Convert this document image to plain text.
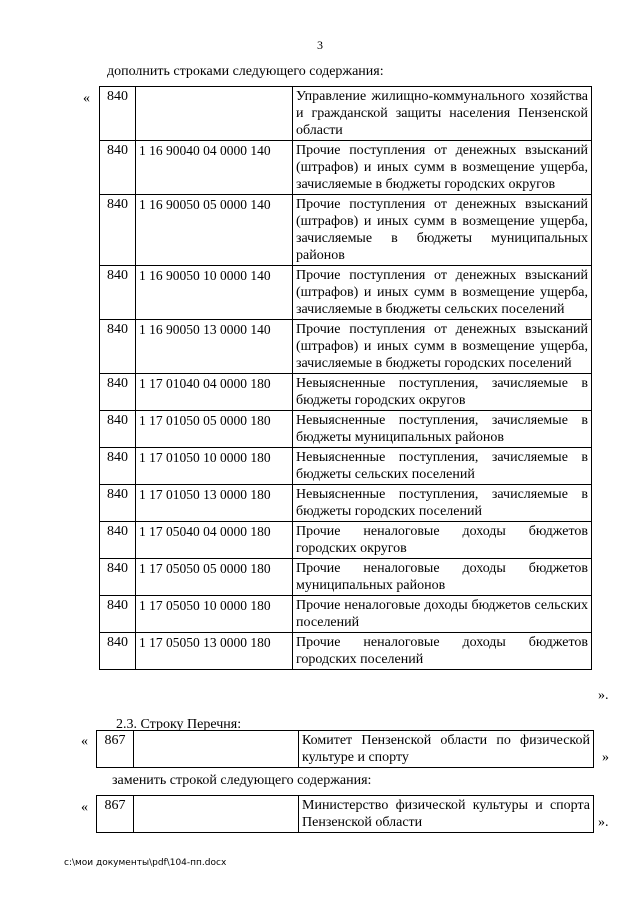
3
дополнить строками следующего содержания:
« 840		Управление жилищно-коммунального хозяйства и гражданской защиты населения Пензенской области
840	1 16 90040 04 0000 140	Прочие поступления от денежных взысканий (штрафов) и иных сумм в возмещение ущерба, зачисляемые в бюджеты городских округов
840	1 16 90050 05 0000 140	Прочие поступления от денежных взысканий (штрафов) и иных сумм в возмещение ущерба, зачисляемые в бюджеты муниципальных районов
840	1 16 90050 10 0000 140	Прочие поступления от денежных взысканий (штрафов) и иных сумм в возмещение ущерба, зачисляемые в бюджеты сельских поселений
840	1 16 90050 13 0000 140	Прочие поступления от денежных взысканий (штрафов) и иных сумм в возмещение ущерба, зачисляемые в бюджеты городских поселений
840	1 17 01040 04 0000 180	Невыясненные поступления, зачисляемые в бюджеты городских округов
840	1 17 01050 05 0000 180	Невыясненные поступления, зачисляемые в бюджеты муниципальных районов
840	1 17 01050 10 0000 180	Невыясненные поступления, зачисляемые в бюджеты сельских поселений
840	1 17 01050 13 0000 180	Невыясненные поступления, зачисляемые в бюджеты городских поселений
840	1 17 05040 04 0000 180	Прочие неналоговые доходы бюджетов городских округов
840	1 17 05050 05 0000 180	Прочие неналоговые доходы бюджетов муниципальных районов
840	1 17 05050 10 0000 180	Прочие неналоговые доходы бюджетов сельских поселений
840	1 17 05050 13 0000 180	Прочие неналоговые доходы бюджетов городских поселений
».
2.3. Строку Перечня:
« 867		Комитет Пензенской области по физической культуре и спорту	»
заменить строкой следующего содержания:
« 867		Министерство физической культуры и спорта Пензенской области	».
c:\мои документы\pdf\104-пп.docx
